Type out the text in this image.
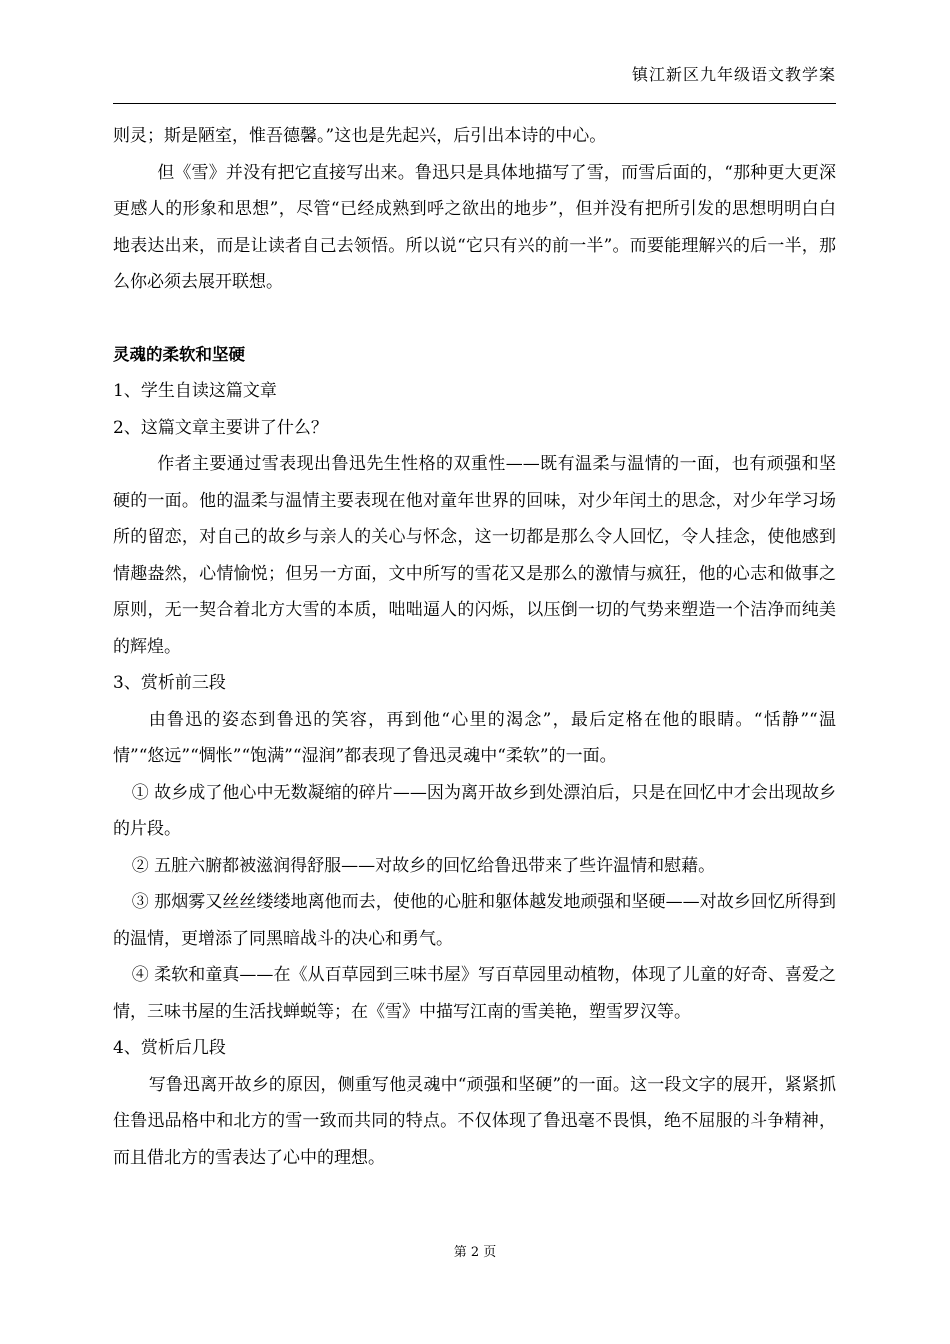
镇江新区九年级语文教学案

则灵；斯是陋室，惟吾德馨。”这也是先起兴，后引出本诗的中心。

但《雪》并没有把它直接写出来。鲁迅只是具体地描写了雪，而雪后面的，“那种更大更深更感人的形象和思想”，尽管“已经成熟到呼之欲出的地步”，但并没有把所引发的思想明明白白地表达出来，而是让读者自己去领悟。所以说“它只有兴的前一半”。而要能理解兴的后一半，那么你必须去展开联想。

灵魂的柔软和坚硬

1、学生自读这篇文章

2、这篇文章主要讲了什么？

作者主要通过雪表现出鲁迅先生性格的双重性——既有温柔与温情的一面，也有顽强和坚硬的一面。他的温柔与温情主要表现在他对童年世界的回味，对少年闰土的思念，对少年学习场所的留恋，对自己的故乡与亲人的关心与怀念，这一切都是那么令人回忆，令人挂念，使他感到情趣盎然，心情愉悦；但另一方面，文中所写的雪花又是那么的激情与疯狂，他的心志和做事之原则，无一契合着北方大雪的本质，咄咄逼人的闪烁，以压倒一切的气势来塑造一个洁净而纯美的辉煌。

3、赏析前三段

由鲁迅的姿态到鲁迅的笑容，再到他“心里的渴念”，最后定格在他的眼睛。“恬静”“温情”“悠远”“惆怅”“饱满”“湿润”都表现了鲁迅灵魂中“柔软”的一面。

① 故乡成了他心中无数凝缩的碎片——因为离开故乡到处漂泊后，只是在回忆中才会出现故乡的片段。

② 五脏六腑都被滋润得舒服——对故乡的回忆给鲁迅带来了些许温情和慰藉。

③ 那烟雾又丝丝缕缕地离他而去，使他的心脏和躯体越发地顽强和坚硬——对故乡回忆所得到的温情，更增添了同黑暗战斗的决心和勇气。

④ 柔软和童真——在《从百草园到三味书屋》写百草园里动植物，体现了儿童的好奇、喜爱之情，三味书屋的生活找蝉蜕等；在《雪》中描写江南的雪美艳，塑雪罗汉等。

4、赏析后几段

写鲁迅离开故乡的原因，侧重写他灵魂中“顽强和坚硬”的一面。这一段文字的展开，紧紧抓住鲁迅品格中和北方的雪一致而共同的特点。不仅体现了鲁迅毫不畏惧，绝不屈服的斗争精神，而且借北方的雪表达了心中的理想。

第 2 页
